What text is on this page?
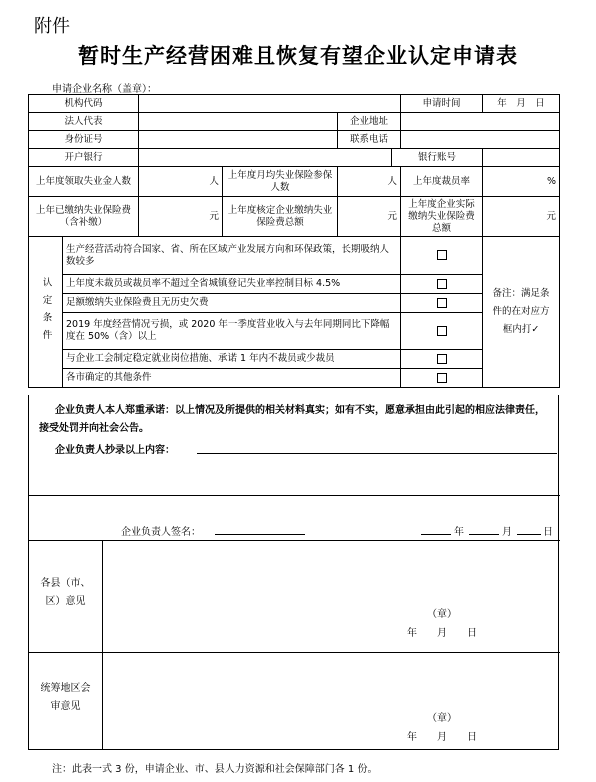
附件
暂时生产经营困难且恢复有望企业认定申请表
申请企业名称（盖章）：
机构代码						申请时间	年　月　日
法人代表				企业地址			
身份证号				联系电话			
开户银行					银行账号		
上年度领取失业金人数		人	上年度月均失业保险参保人数	人		上年度裁员率	%
上年已缴纳失业保险费（含补缴）		元	上年度核定企业缴纳失业保险费总额	元		上年度企业实际缴纳失业保险费总额	元
认定条件	生产经营活动符合国家、省、所在区域产业发展方向和环保政策，长期吸纳人数较多						备注：满足条件的在对应方框内打✓
	上年度未裁员或裁员率不超过全省城镇登记失业率控制目标 4.5%						
	足额缴纳失业保险费且无历史欠费						
	2019 年度经营情况亏损，或 2020 年一季度营业收入与去年同期同比下降幅度在 50%（含）以上						
	与企业工会制定稳定就业岗位措施、承诺 1 年内不裁员或少裁员						
	各市确定的其他条件						
企业负责人本人郑重承诺：以上情况及所提供的相关材料真实；如有不实，愿意承担由此引起的相应法律责任，接受处罚并向社会公告。
企业负责人抄录以上内容：
企业负责人签名：	年	月	日
各县（市、区）意见
（章）
年　　月　　日
统筹地区会审意见
（章）
年　　月　　日
注：此表一式 3 份，申请企业、市、县人力资源和社会保障部门各 1 份。
